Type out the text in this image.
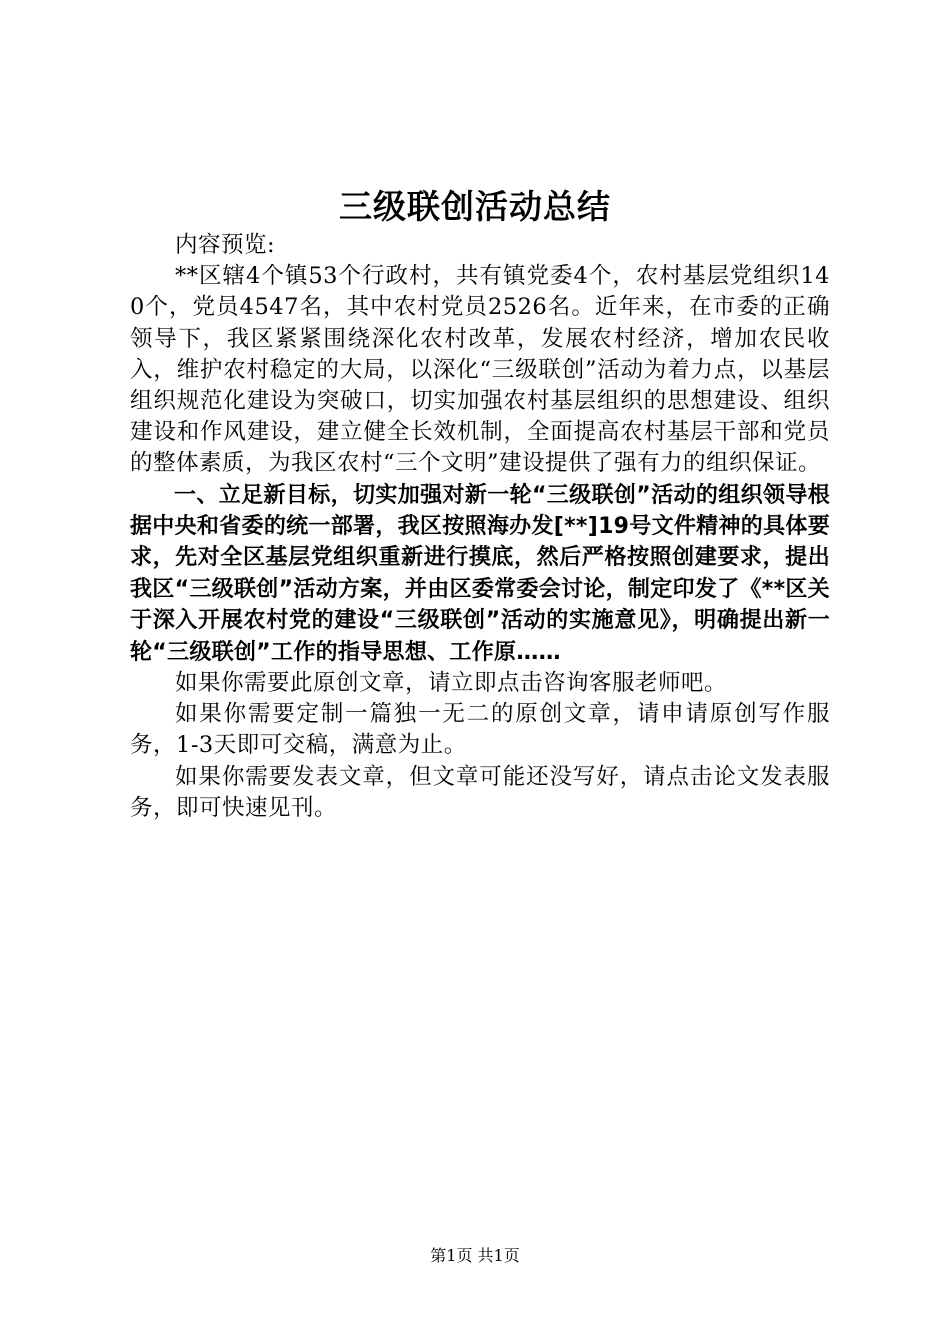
三级联创活动总结

内容预览:

**区辖4个镇53个行政村，共有镇党委4个，农村基层党组织140个，党员4547名，其中农村党员2526名。近年来，在市委的正确领导下，我区紧紧围绕深化农村改革，发展农村经济，增加农民收入，维护农村稳定的大局，以深化“三级联创”活动为着力点，以基层组织规范化建设为突破口，切实加强农村基层组织的思想建设、组织建设和作风建设，建立健全长效机制，全面提高农村基层干部和党员的整体素质，为我区农村“三个文明”建设提供了强有力的组织保证。

一、立足新目标，切实加强对新一轮“三级联创”活动的组织领导根据中央和省委的统一部署，我区按照海办发[**]19号文件精神的具体要求，先对全区基层党组织重新进行摸底，然后严格按照创建要求，提出我区“三级联创”活动方案，并由区委常委会讨论，制定印发了《**区关于深入开展农村党的建设“三级联创”活动的实施意见》，明确提出新一轮“三级联创”工作的指导思想、工作原……

如果你需要此原创文章，请立即点击咨询客服老师吧。

如果你需要定制一篇独一无二的原创文章，请申请原创写作服务，1-3天即可交稿，满意为止。

如果你需要发表文章，但文章可能还没写好，请点击论文发表服务，即可快速见刊。

第1页 共1页
